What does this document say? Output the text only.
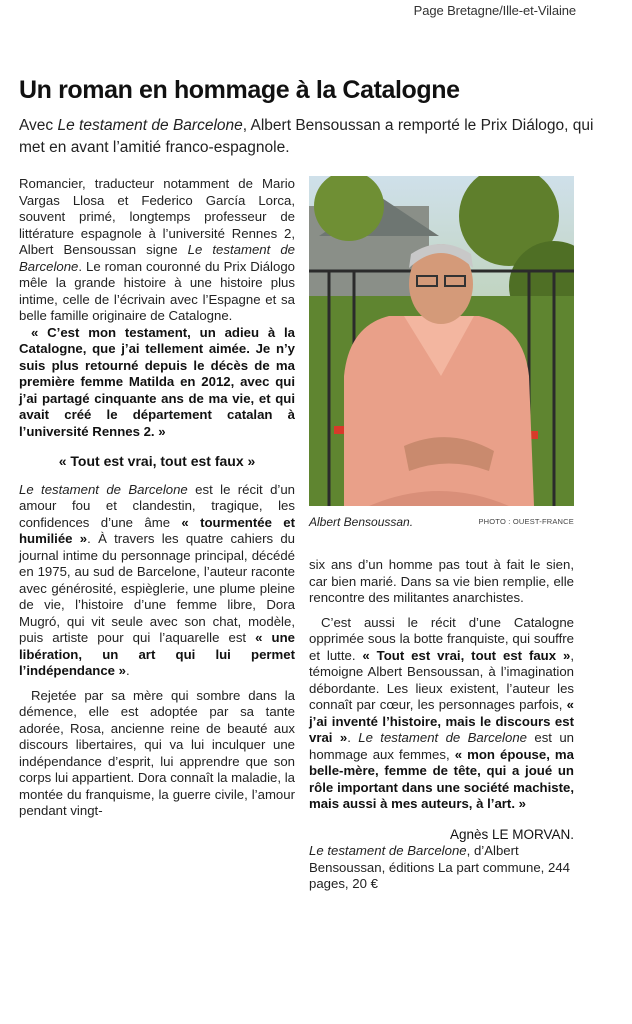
Page Bretagne/Ille-et-Vilaine
Un roman en hommage à la Catalogne

Avec Le testament de Barcelone, Albert Bensoussan a remporté le Prix Diálogo, qui met en avant l’amitié franco-espagnole.

Romancier, traducteur notamment de Mario Vargas Llosa et Federico García Lorca, souvent primé, longtemps professeur de littérature espagnole à l’université Rennes 2, Albert Bensoussan signe Le testament de Barcelone. Le roman couronné du Prix Diálogo mêle la grande histoire à une histoire plus intime, celle de l’écrivain avec l’Espagne et sa belle famille originaire de Catalogne.

« C’est mon testament, un adieu à la Catalogne, que j’ai tellement aimée. Je n’y suis plus retourné depuis le décès de ma première femme Matilda en 2012, avec qui j’ai partagé cinquante ans de ma vie, et qui avait créé le département catalan à l’université Rennes 2. »

« Tout est vrai, tout est faux »

Le testament de Barcelone est le récit d’un amour fou et clandestin, tragique, les confidences d’une âme « tourmentée et humiliée ». À travers les quatre cahiers du journal intime du personnage principal, décédé en 1975, au sud de Barcelone, l’auteur raconte avec générosité, espièglerie, une plume pleine de vie, l’histoire d’une femme libre, Dora Mugró, qui vit seule avec son chat, modèle, puis artiste pour qui l’aquarelle est « une libération, un art qui lui permet l’indépendance ».

Rejetée par sa mère qui sombre dans la démence, elle est adoptée par sa tante adorée, Rosa, ancienne reine de beauté aux discours libertaires, qui va lui inculquer une indépendance d’esprit, lui apprendre que son corps lui appartient. Dora connaît la maladie, la montée du franquisme, la guerre civile, l’amour pendant vingt-

Albert Bensoussan.	PHOTO : OUEST-FRANCE

six ans d’un homme pas tout à fait le sien, car bien marié. Dans sa vie bien remplie, elle rencontre des militantes anarchistes.

C’est aussi le récit d’une Catalogne opprimée sous la botte franquiste, qui souffre et lutte. « Tout est vrai, tout est faux », témoigne Albert Bensoussan, à l’imagination débordante. Les lieux existent, l’auteur les connaît par cœur, les personnages parfois, « j’ai inventé l’histoire, mais le discours est vrai ». Le testament de Barcelone est un hommage aux femmes, « mon épouse, ma belle-mère, femme de tête, qui a joué un rôle important dans une société machiste, mais aussi à mes auteurs, à l’art. »

Agnès LE MORVAN.

Le testament de Barcelone, d’Albert Bensoussan, éditions La part commune, 244 pages, 20 €
